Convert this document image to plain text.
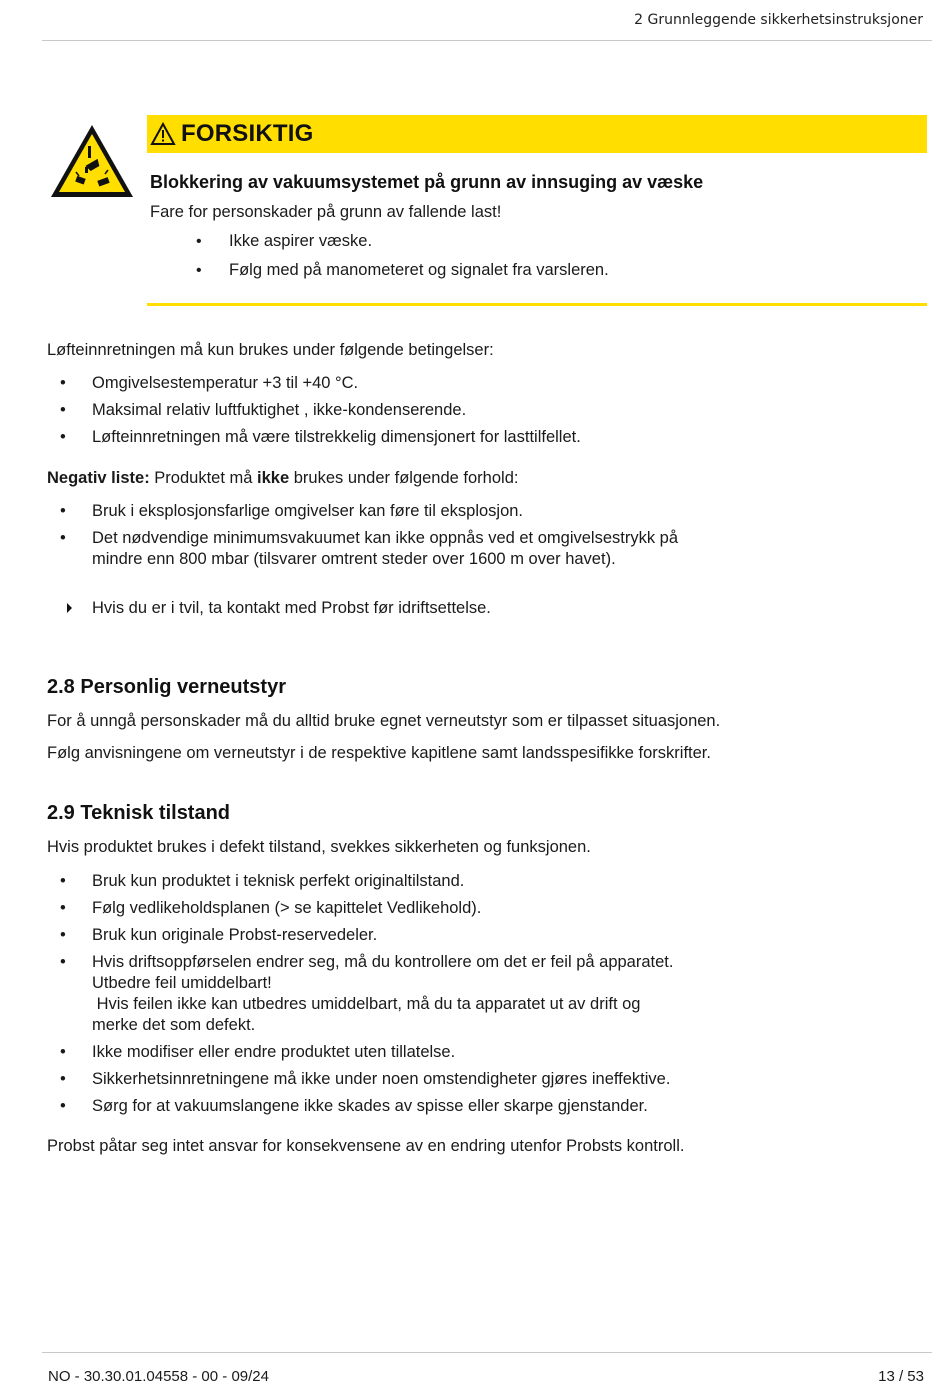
2 Grunnleggende sikkerhetsinstruksjoner
FORSIKTIG
Blokkering av vakuumsystemet på grunn av innsuging av væske
Fare for personskader på grunn av fallende last!
• Ikke aspirer væske.
• Følg med på manometeret og signalet fra varsleren.
Løfteinnretningen må kun brukes under følgende betingelser:
• Omgivelsestemperatur +3 til +40 °C.
• Maksimal relativ luftfuktighet , ikke-kondenserende.
• Løfteinnretningen må være tilstrekkelig dimensjonert for lasttilfellet.
Negativ liste: Produktet må ikke brukes under følgende forhold:
• Bruk i eksplosjonsfarlige omgivelser kan føre til eksplosjon.
• Det nødvendige minimumsvakuumet kan ikke oppnås ved et omgivelsestrykk på
mindre enn 800 mbar (tilsvarer omtrent steder over 1600 m over havet).
Hvis du er i tvil, ta kontakt med Probst før idriftsettelse.
2.8 Personlig verneutstyr
For å unngå personskader må du alltid bruke egnet verneutstyr som er tilpasset situasjonen.
Følg anvisningene om verneutstyr i de respektive kapitlene samt landsspesifikke forskrifter.
2.9 Teknisk tilstand
Hvis produktet brukes i defekt tilstand, svekkes sikkerheten og funksjonen.
• Bruk kun produktet i teknisk perfekt originaltilstand.
• Følg vedlikeholdsplanen (> se kapittelet Vedlikehold).
• Bruk kun originale Probst-reservedeler.
• Hvis driftsoppførselen endrer seg, må du kontrollere om det er feil på apparatet.
Utbedre feil umiddelbart!
Hvis feilen ikke kan utbedres umiddelbart, må du ta apparatet ut av drift og
merke det som defekt.
• Ikke modifiser eller endre produktet uten tillatelse.
• Sikkerhetsinnretningene må ikke under noen omstendigheter gjøres ineffektive.
• Sørg for at vakuumslangene ikke skades av spisse eller skarpe gjenstander.
Probst påtar seg intet ansvar for konsekvensene av en endring utenfor Probsts kontroll.
NO - 30.30.01.04558 - 00 - 09/24	13 / 53
